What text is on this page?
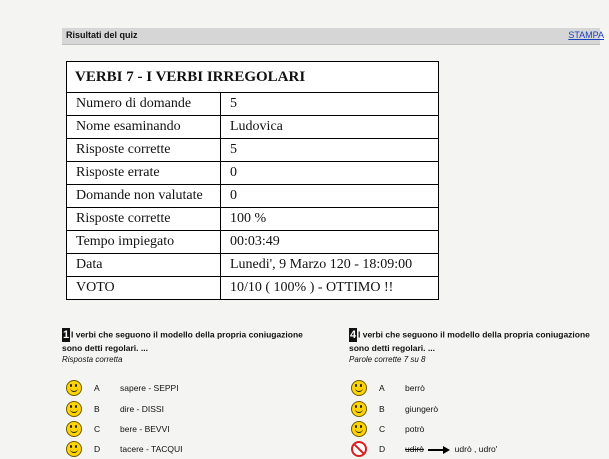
Risultati del quiz	STAMPA
VERBI 7 - I VERBI IRREGOLARI
Numero di domande	5
Nome esaminando	Ludovica
Risposte corrette	5
Risposte errate	0
Domande non valutate	0
Risposte corrette	100 %
Tempo impiegato	00:03:49
Data	Lunedi', 9 Marzo 120 - 18:09:00
VOTO	10/10 ( 100% ) - OTTIMO !!
1 I verbi che seguono il modello della propria coniugazione sono detti regolari. ...
Risposta corretta
A	sapere - SEPPI
B	dire - DISSI
C	bere - BEVVI
D	tacere - TACQUI
4 I verbi che seguono il modello della propria coniugazione sono detti regolari. ...
Parole corrette 7 su 8
A	berrò
B	giungerò
C	potrò
D	udirò	udrò , udro'
